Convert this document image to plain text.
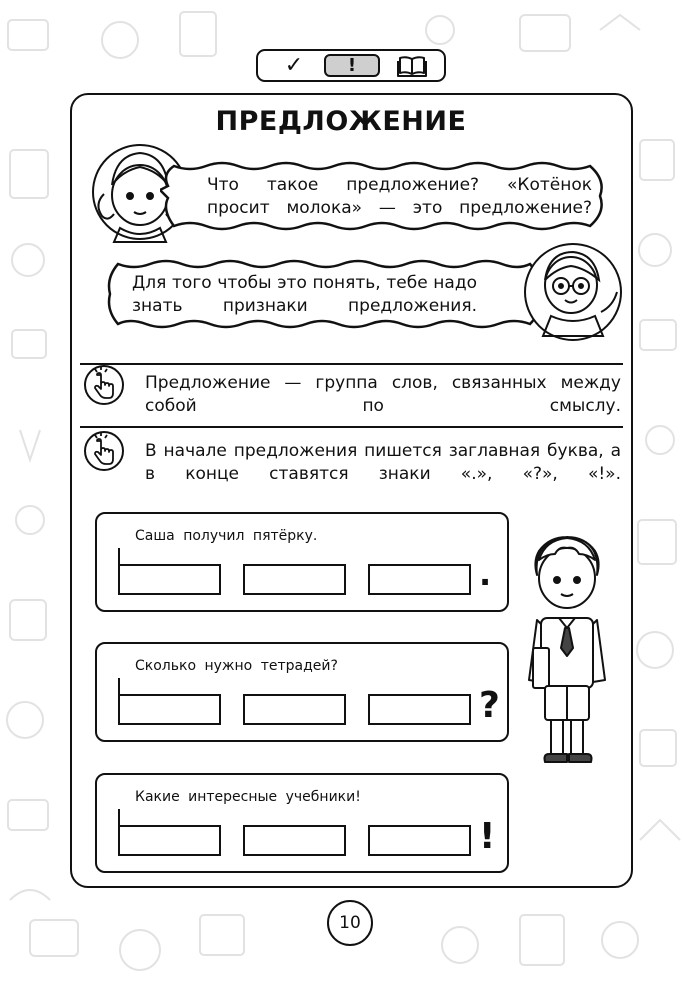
✓ !
ПРЕДЛОЖЕНИЕ
Что такое предложение? «Котёнок просит молока» — это предложение?
Для того чтобы это понять, тебе надо знать признаки предложения.
Предложение — группа слов, связанных между собой по смыслу.
В начале предложения пишется заглавная буква, а в конце ставятся знаки «.», «?», «!».
Саша получил пятёрку.
.
Сколько нужно тетрадей?
?
Какие интересные учебники!
!
10
